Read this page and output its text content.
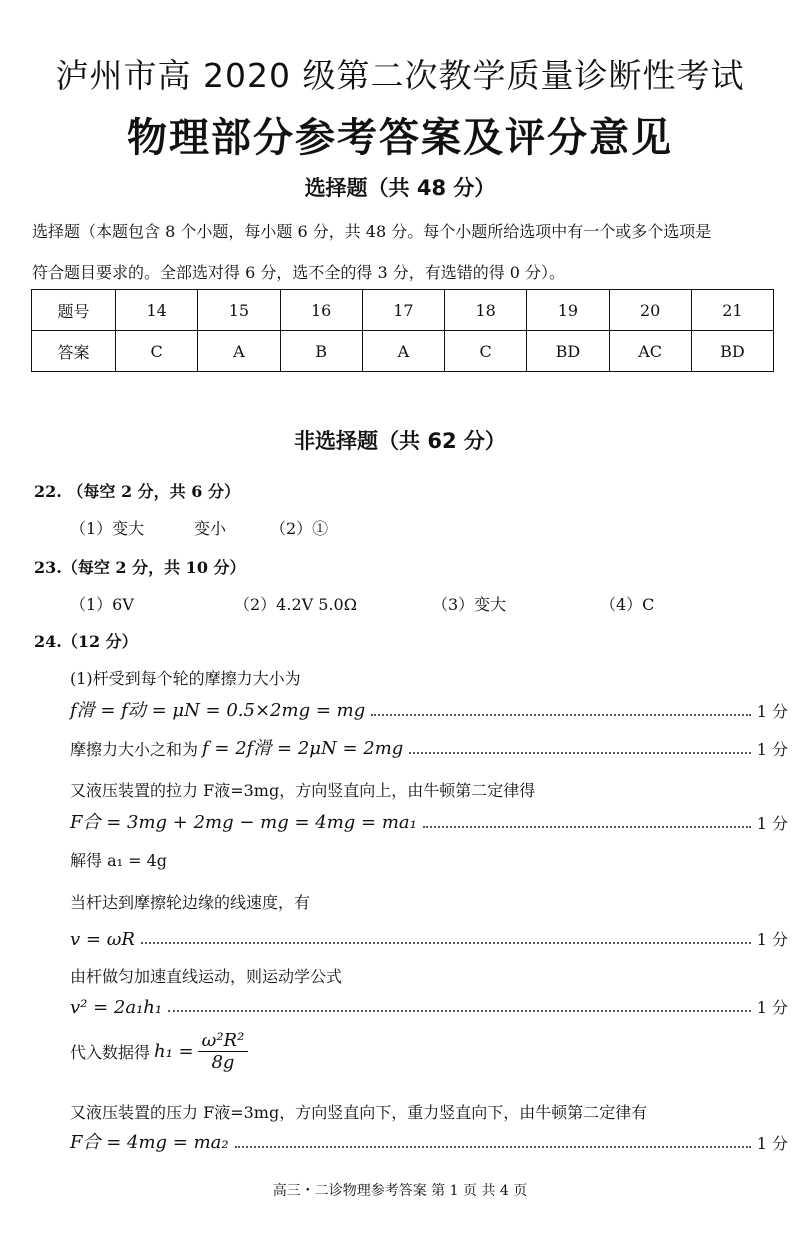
泸州市高 2020 级第二次教学质量诊断性考试
物理部分参考答案及评分意见
选择题（共 48 分）
选择题（本题包含 8 个小题，每小题 6 分，共 48 分。每个小题所给选项中有一个或多个选项是
符合题目要求的。全部选对得 6 分，选不全的得 3 分，有选错的得 0 分）。
题号	14	15	16	17	18	19	20	21
答案	C	A	B	A	C	BD	AC	BD
非选择题（共 62 分）
22. （每空 2 分，共 6 分）
（1）变大	变小	（2）①
23.（每空 2 分，共 10 分）
（1）6V	（2）4.2V 5.0Ω	（3）变大	（4）C
24.（12 分）
(1)杆受到每个轮的摩擦力大小为
f滑 = f动 = μN = 0.5×2mg = mg	1 分
摩擦力大小之和为 f = 2f滑 = 2μN = 2mg	1 分
又液压装置的拉力 F液=3mg，方向竖直向上，由牛顿第二定律得
F合 = 3mg + 2mg − mg = 4mg = ma₁	1 分
解得 a₁ = 4g
当杆达到摩擦轮边缘的线速度，有
v = ωR	1 分
由杆做匀加速直线运动，则运动学公式
v² = 2a₁h₁	1 分
代入数据得 $h_1 = \frac{\text{ω²R²}}{8g}$
又液压装置的压力 F液=3mg，方向竖直向下，重力竖直向下，由牛顿第二定律有
F合 = 4mg = ma₂	1 分
高三・二诊物理参考答案 第 1 页 共 4 页
